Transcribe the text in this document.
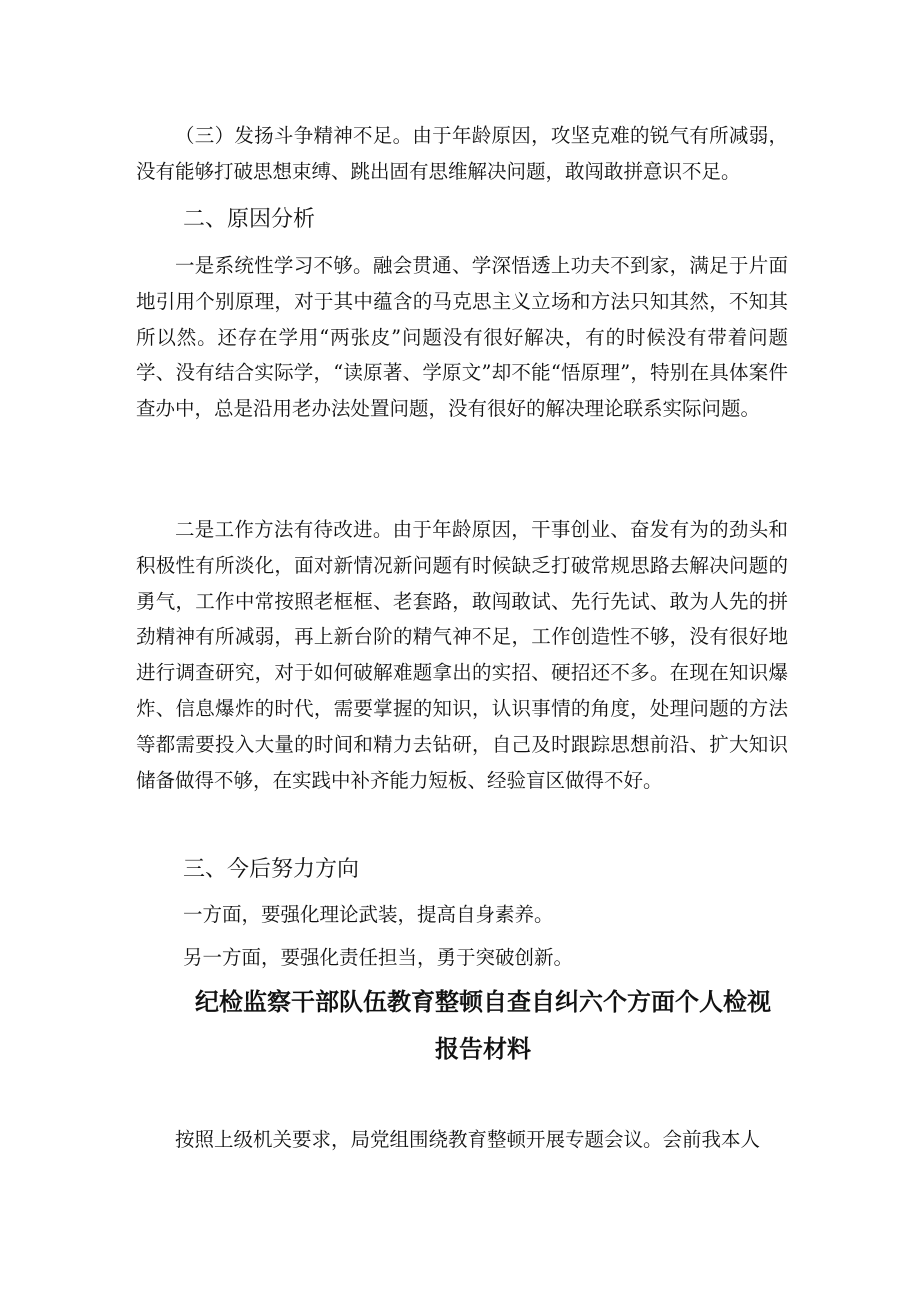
（三）发扬斗争精神不足。由于年龄原因，攻坚克难的锐气有所减弱，没有能够打破思想束缚、跳出固有思维解决问题，敢闯敢拼意识不足。

二、原因分析

一是系统性学习不够。融会贯通、学深悟透上功夫不到家，满足于片面地引用个别原理，对于其中蕴含的马克思主义立场和方法只知其然，不知其所以然。还存在学用“两张皮”问题没有很好解决，有的时候没有带着问题学、没有结合实际学，“读原著、学原文”却不能“悟原理”，特别在具体案件查办中，总是沿用老办法处置问题，没有很好的解决理论联系实际问题。

二是工作方法有待改进。由于年龄原因，干事创业、奋发有为的劲头和积极性有所淡化，面对新情况新问题有时候缺乏打破常规思路去解决问题的勇气，工作中常按照老框框、老套路，敢闯敢试、先行先试、敢为人先的拼劲精神有所减弱，再上新台阶的精气神不足，工作创造性不够，没有很好地进行调查研究，对于如何破解难题拿出的实招、硬招还不多。在现在知识爆炸、信息爆炸的时代，需要掌握的知识，认识事情的角度，处理问题的方法等都需要投入大量的时间和精力去钻研，自己及时跟踪思想前沿、扩大知识储备做得不够，在实践中补齐能力短板、经验盲区做得不好。

三、今后努力方向

一方面，要强化理论武装，提高自身素养。

另一方面，要强化责任担当，勇于突破创新。

纪检监察干部队伍教育整顿自查自纠六个方面个人检视
报告材料

按照上级机关要求，局党组围绕教育整顿开展专题会议。会前我本人
